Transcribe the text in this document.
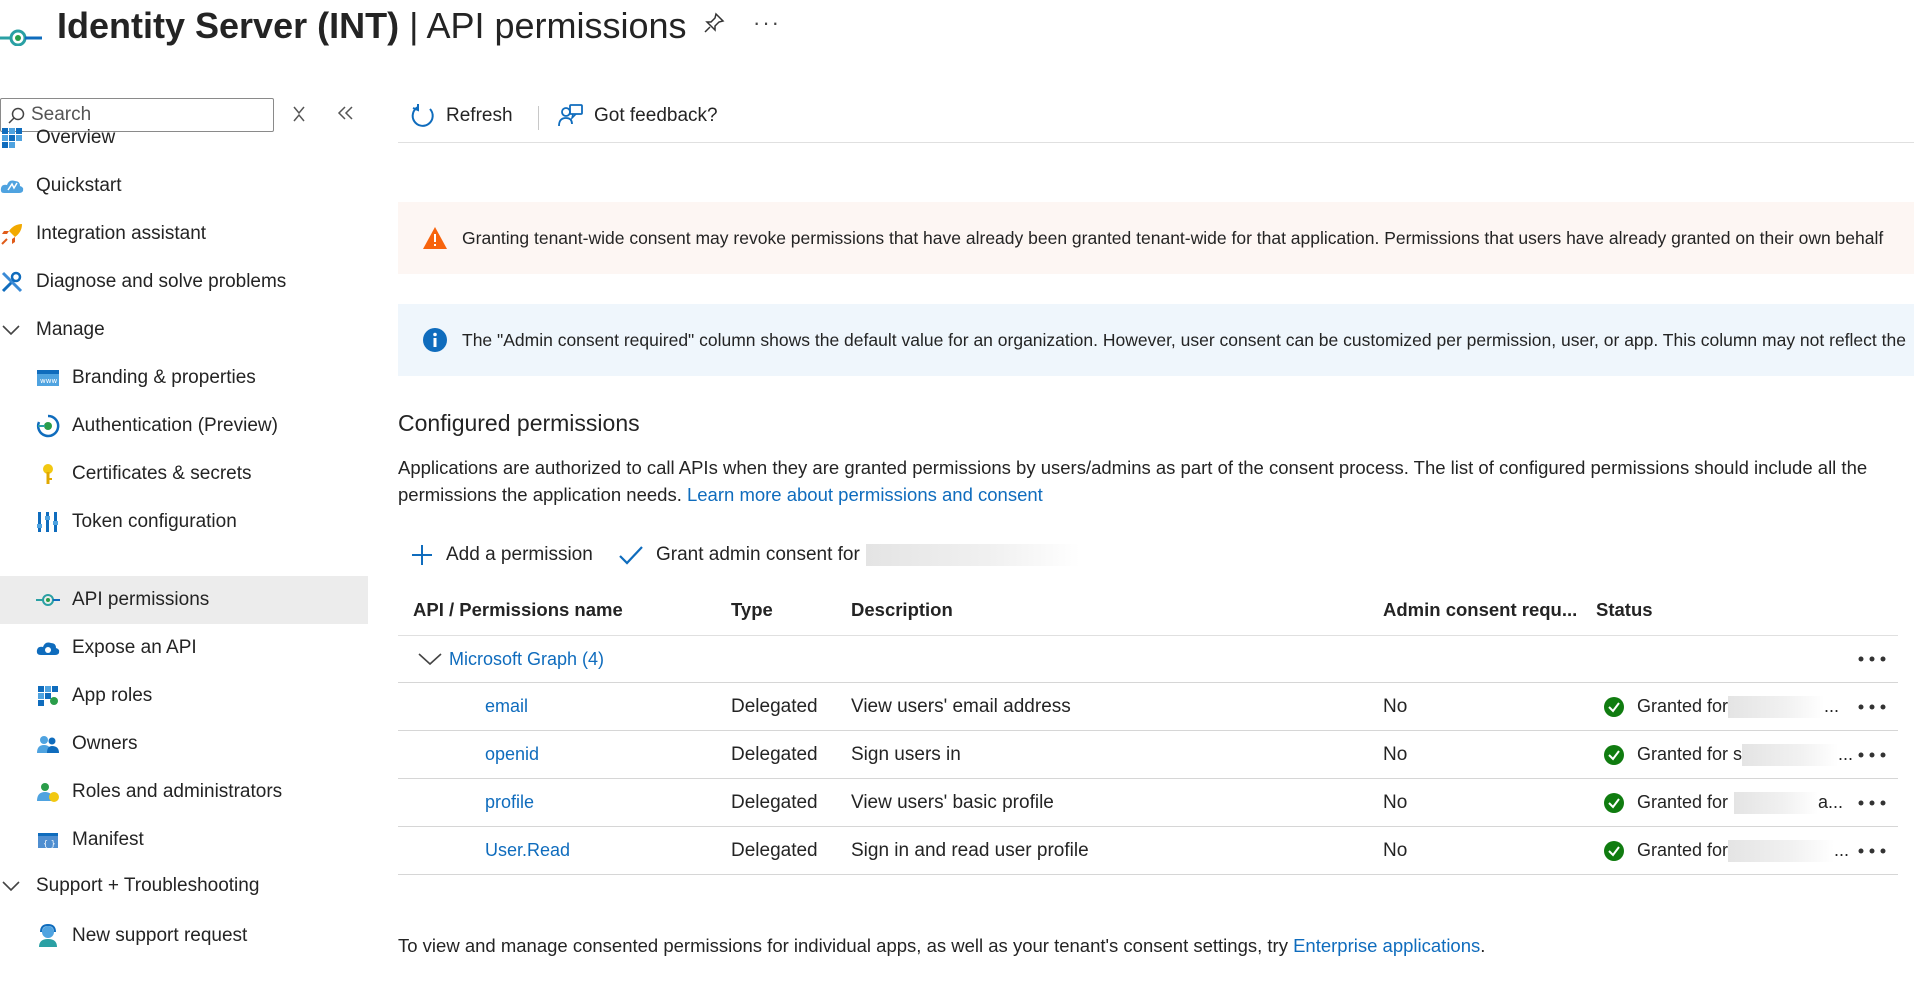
Identity Server (INT) | API permissions	···
Search
Overview
Quickstart
Integration assistant
Diagnose and solve problems
Manage
www Branding & properties
Authentication (Preview)
Certificates & secrets
Token configuration
API permissions
Expose an API
App roles
Owners
Roles and administrators
{ } Manifest
Support + Troubleshooting
New support request
Refresh	Got feedback?
Granting tenant-wide consent may revoke permissions that have already been granted tenant-wide for that application. Permissions that users have already granted on their own behalf
The "Admin consent required" column shows the default value for an organization. However, user consent can be customized per permission, user, or app. This column may not reflect the
Configured permissions
Applications are authorized to call APIs when they are granted permissions by users/admins as part of the consent process. The list of configured permissions should include all the permissions the application needs. Learn more about permissions and consent
Add a permission	Grant admin consent for
API / Permissions name	Type	Description	Admin consent requ... Status
Microsoft Graph (4)
email	Delegated View users' email address	No	Granted for	...
openid	Delegated Sign users in	No	Granted for s	...
profile	Delegated View users' basic profile	No	Granted for	a...
User.Read	Delegated Sign in and read user profile	No	Granted for	...
To view and manage consented permissions for individual apps, as well as your tenant's consent settings, try Enterprise applications.
